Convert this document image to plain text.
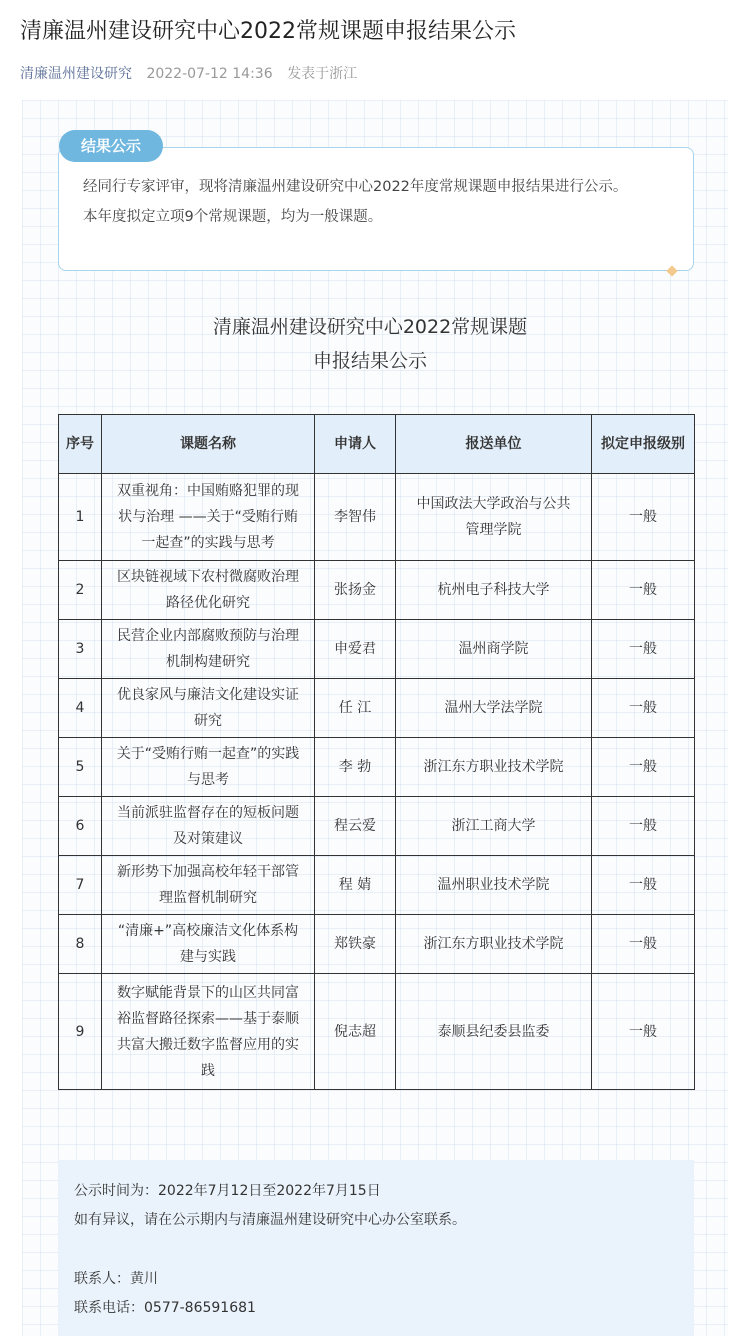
清廉温州建设研究中心2022常规课题申报结果公示
清廉温州建设研究 2022-07-12 14:36 发表于浙江
结果公示
经同行专家评审，现将清廉温州建设研究中心2022年度常规课题申报结果进行公示。
本年度拟定立项9个常规课题，均为一般课题。
清廉温州建设研究中心2022常规课题
申报结果公示
序号	课题名称	申请人	报送单位	拟定申报级别
1	双重视角：中国贿赂犯罪的现状与治理 ——关于“受贿行贿一起查”的实践与思考	李智伟	中国政法大学政治与公共管理学院	一般
2	区块链视域下农村微腐败治理路径优化研究	张扬金	杭州电子科技大学	一般
3	民营企业内部腐败预防与治理机制构建研究	申爱君	温州商学院	一般
4	优良家风与廉洁文化建设实证研究	任 江	温州大学法学院	一般
5	关于“受贿行贿一起查”的实践与思考	李 勃	浙江东方职业技术学院	一般
6	当前派驻监督存在的短板问题及对策建议	程云爱	浙江工商大学	一般
7	新形势下加强高校年轻干部管理监督机制研究	程 婧	温州职业技术学院	一般
8	“清廉+”高校廉洁文化体系构建与实践	郑铁豪	浙江东方职业技术学院	一般
9	数字赋能背景下的山区共同富裕监督路径探索——基于泰顺共富大搬迁数字监督应用的实践	倪志超	泰顺县纪委县监委	一般
公示时间为：2022年7月12日至2022年7月15日
如有异议，请在公示期内与清廉温州建设研究中心办公室联系。
联系人：黄川
联系电话：0577-86591681
